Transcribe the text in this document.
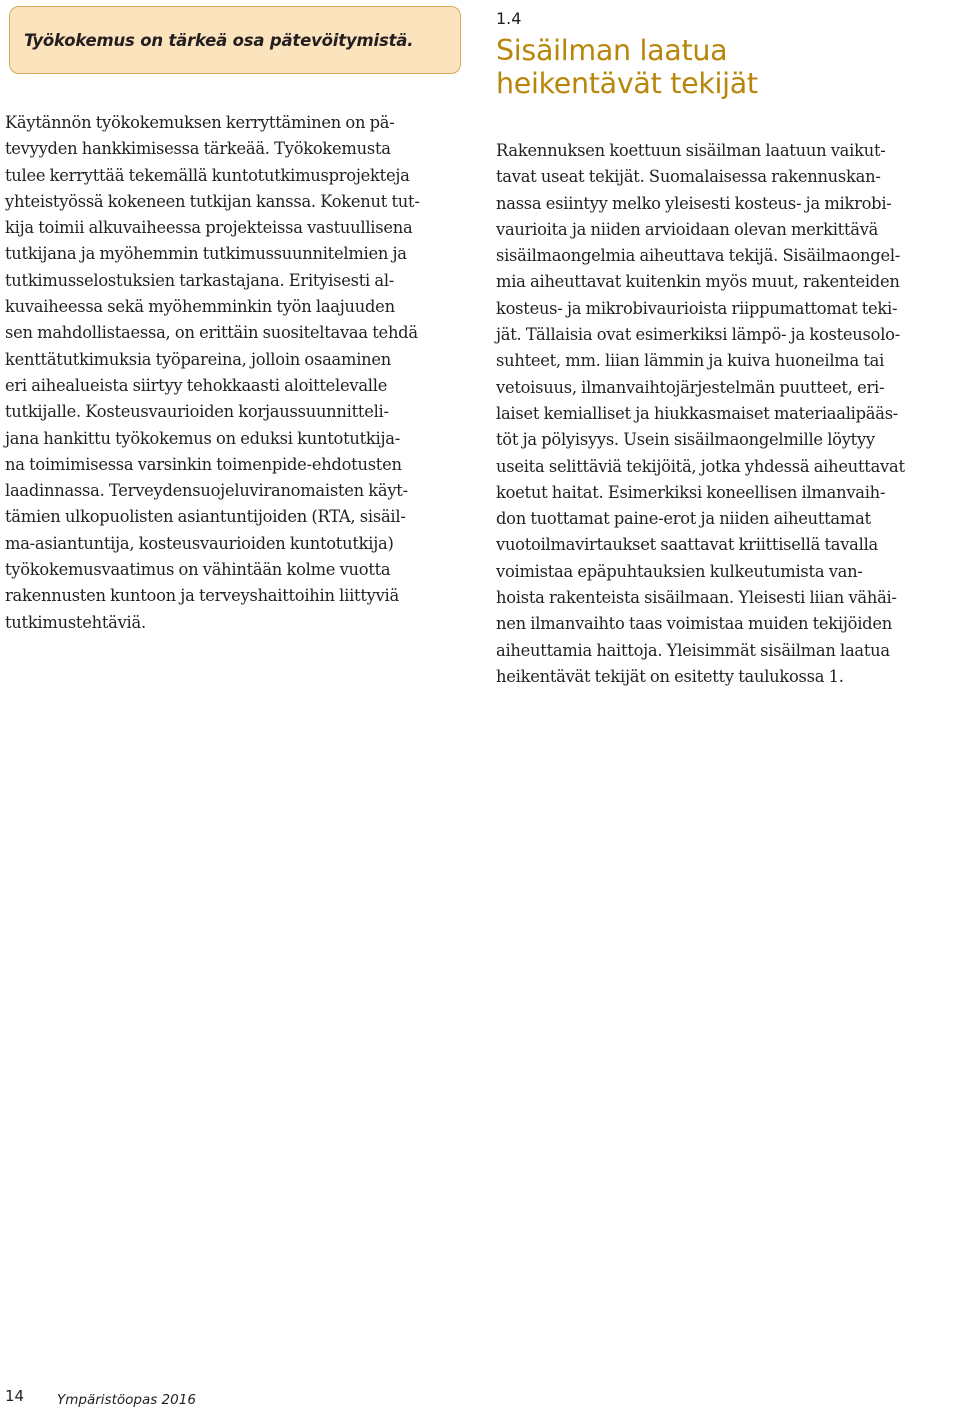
Työkokemus on tärkeä osa pätevöitymistä.
Käytännön työkokemuksen kerryttäminen on pä-
tevyyden hankkimisessa tärkeää. Työkokemusta
tulee kerryttää tekemällä kuntotutkimusprojekteja
yhteistyössä kokeneen tutkijan kanssa. Kokenut tut-
kija toimii alkuvaiheessa projekteissa vastuullisena
tutkijana ja myöhemmin tutkimussuunnitelmien ja
tutkimusselostuksien tarkastajana. Erityisesti al-
kuvaiheessa sekä myöhemminkin työn laajuuden
sen mahdollistaessa, on erittäin suositeltavaa tehdä
kenttätutkimuksia työpareina, jolloin osaaminen
eri aihealueista siirtyy tehokkaasti aloittelevalle
tutkijalle. Kosteusvaurioiden korjaussuunnitteli-
jana hankittu työkokemus on eduksi kuntotutkija-
na toimimisessa varsinkin toimenpide-ehdotusten
laadinnassa. Terveydensuojeluviranomaisten käyt-
tämien ulkopuolisten asiantuntijoiden (RTA, sisäil-
ma-asiantuntija, kosteusvaurioiden kuntotutkija)
työkokemusvaatimus on vähintään kolme vuotta
rakennusten kuntoon ja terveyshaittoihin liittyviä
tutkimustehtäviä.
1.4
Sisäilman laatua
heikentävät tekijät
Rakennuksen koettuun sisäilman laatuun vaikut-
tavat useat tekijät. Suomalaisessa rakennuskan-
nassa esiintyy melko yleisesti kosteus- ja mikrobi-
vaurioita ja niiden arvioidaan olevan merkittävä
sisäilmaongelmia aiheuttava tekijä. Sisäilmaongel-
mia aiheuttavat kuitenkin myös muut, rakenteiden
kosteus- ja mikrobivaurioista riippumattomat teki-
jät. Tällaisia ovat esimerkiksi lämpö- ja kosteusolo-
suhteet, mm. liian lämmin ja kuiva huoneilma tai
vetoisuus, ilmanvaihtojärjestelmän puutteet, eri-
laiset kemialliset ja hiukkasmaiset materiaalipääs-
töt ja pölyisyys. Usein sisäilmaongelmille löytyy
useita selittäviä tekijöitä, jotka yhdessä aiheuttavat
koetut haitat. Esimerkiksi koneellisen ilmanvaih-
don tuottamat paine-erot ja niiden aiheuttamat
vuotoilmavirtaukset saattavat kriittisellä tavalla
voimistaa epäpuhtauksien kulkeutumista van-
hoista rakenteista sisäilmaan. Yleisesti liian vähäi-
nen ilmanvaihto taas voimistaa muiden tekijöiden
aiheuttamia haittoja. Yleisimmät sisäilman laatua
heikentävät tekijät on esitetty taulukossa 1.
14 Ympäristöopas 2016
